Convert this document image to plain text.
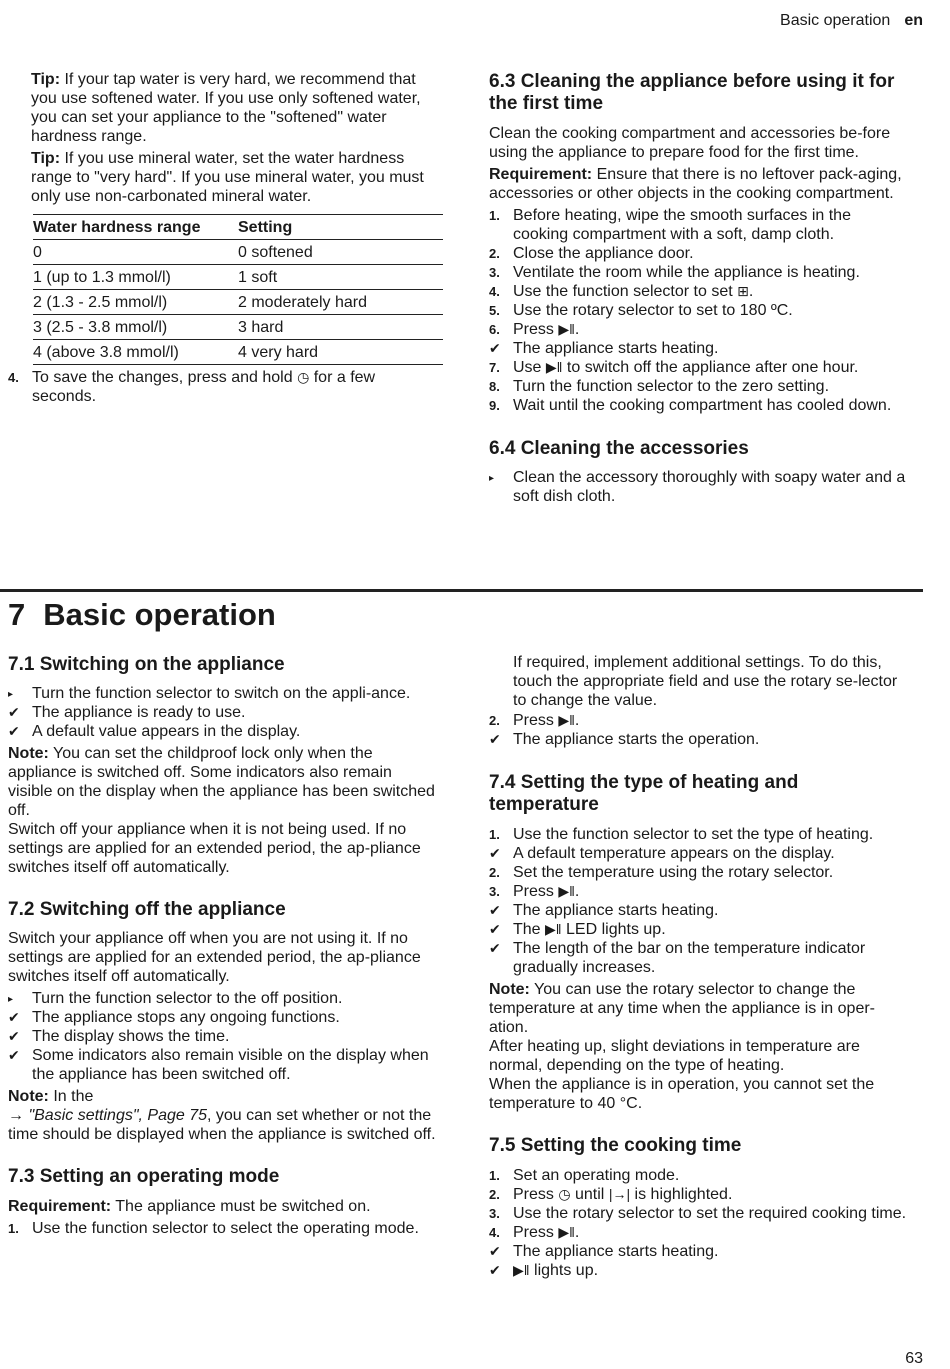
Basic operation en

Tip: If your tap water is very hard, we recommend that you use softened water. If you use only softened water, you can set your appliance to the "softened" water hardness range.

Tip: If you use mineral water, set the water hardness range to "very hard". If you use mineral water, you must only use non-carbonated mineral water.

Water hardness range	Setting
0	0 softened
1 (up to 1.3 mmol/l)	1 soft
2 (1.3 - 2.5 mmol/l)	2 moderately hard
3 (2.5 - 3.8 mmol/l)	3 hard
4 (above 3.8 mmol/l)	4 very hard
4. To save the changes, press and hold ◷ for a few seconds.
6.3 Cleaning the appliance before using it for the first time

Clean the cooking compartment and accessories be-fore using the appliance to prepare food for the first time.

Requirement: Ensure that there is no leftover pack-aging, accessories or other objects in the cooking compartment.

1. Before heating, wipe the smooth surfaces in the cooking compartment with a soft, damp cloth.
2. Close the appliance door.
3. Ventilate the room while the appliance is heating.
4. Use the function selector to set ⊞.
5. Use the rotary selector to set to 180 ºC.
6. Press ▶‖.
✔ The appliance starts heating.
7. Use ▶‖ to switch off the appliance after one hour.
8. Turn the function selector to the zero setting.
9. Wait until the cooking compartment has cooled down.
6.4 Cleaning the accessories
▸ Clean the accessory thoroughly with soapy water and a soft dish cloth.
7 Basic operation
7.1 Switching on the appliance
▸ Turn the function selector to switch on the appli-ance.
✔ The appliance is ready to use.
✔ A default value appears in the display.

Note: You can set the childproof lock only when the appliance is switched off. Some indicators also remain visible on the display when the appliance has been switched off.

Switch off your appliance when it is not being used. If no settings are applied for an extended period, the ap-pliance switches itself off automatically.

7.2 Switching off the appliance

Switch your appliance off when you are not using it. If no settings are applied for an extended period, the ap-pliance switches itself off automatically.

▸ Turn the function selector to the off position.
✔ The appliance stops any ongoing functions.
✔ The display shows the time.
✔ Some indicators also remain visible on the display when the appliance has been switched off.

Note: In the
→ "Basic settings", Page 75, you can set whether or not the time should be displayed when the appliance is switched off.

7.3 Setting an operating mode

Requirement: The appliance must be switched on.

1. Use the function selector to select the operating mode.

If required, implement additional settings. To do this, touch the appropriate field and use the rotary se-lector to change the value.

2. Press ▶‖.
✔ The appliance starts the operation.
7.4 Setting the type of heating and temperature
1. Use the function selector to set the type of heating.
✔ A default temperature appears on the display.
2. Set the temperature using the rotary selector.
3. Press ▶‖.
✔ The appliance starts heating.
✔ The ▶‖ LED lights up.
✔ The length of the bar on the temperature indicator gradually increases.

Note: You can use the rotary selector to change the temperature at any time when the appliance is in oper-ation.

After heating up, slight deviations in temperature are normal, depending on the type of heating.

When the appliance is in operation, you cannot set the temperature to 40 °C.

7.5 Setting the cooking time
1. Set an operating mode.
2. Press ◷ until |→| is highlighted.
3. Use the rotary selector to set the required cooking time.
4. Press ▶‖.
✔ The appliance starts heating.
✔ ▶‖ lights up.
63
